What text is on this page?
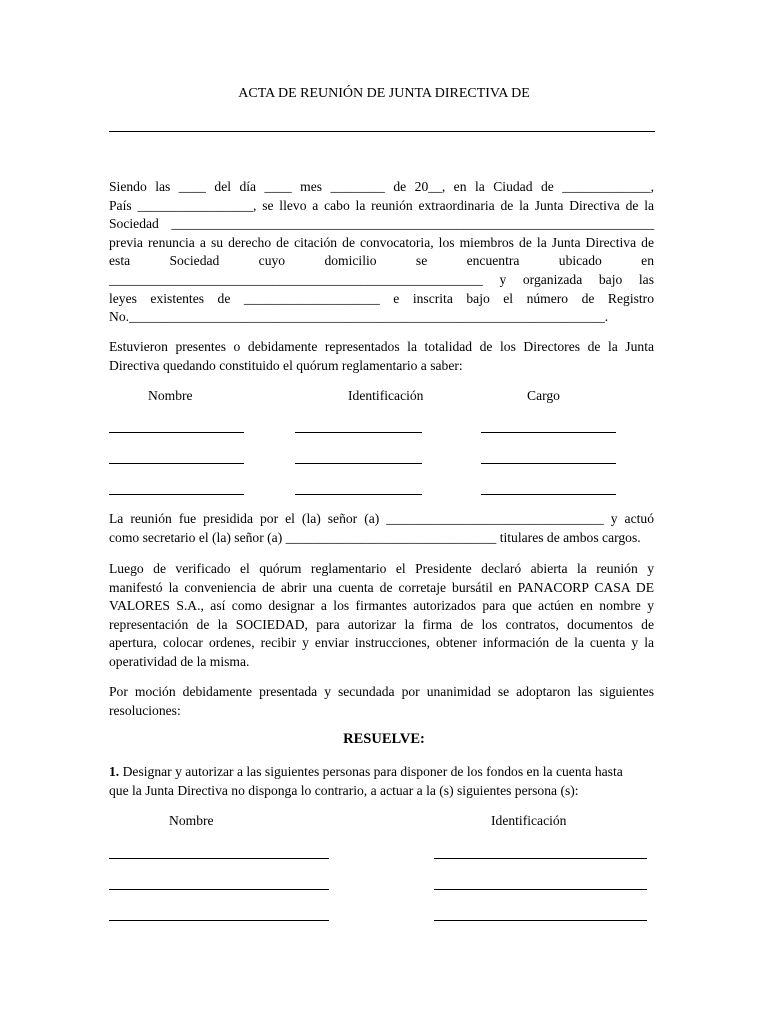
ACTA DE REUNIÓN DE JUNTA DIRECTIVA DE
Siendo las ____ del día ____ mes ________ de 20__, en la Ciudad de _____________,
País _________________, se llevo a cabo la reunión extraordinaria de la Junta Directiva de la
Sociedad _______________________________________________________________________
previa renuncia a su derecho de citación de convocatoria, los miembros de la Junta Directiva de
esta Sociedad cuyo domicilio se encuentra ubicado en
_______________________________________________________ y organizada bajo las
leyes existentes de ____________________ e inscrita bajo el número de Registro
No.______________________________________________________________________.
Estuvieron presentes o debidamente representados la totalidad de los Directores de la Junta
Directiva quedando constituido el quórum reglamentario a saber:
Nombre	Identificación	Cargo
La reunión fue presidida por el (la) señor (a) ________________________________ y actuó
como secretario el (la) señor (a) _______________________________ titulares de ambos cargos.
Luego de verificado el quórum reglamentario el Presidente declaró abierta la reunión y
manifestó la conveniencia de abrir una cuenta de corretaje bursátil en PANACORP CASA DE
VALORES S.A., así como designar a los firmantes autorizados para que actúen en nombre y
representación de la SOCIEDAD, para autorizar la firma de los contratos, documentos de
apertura, colocar ordenes, recibir y enviar instrucciones, obtener información de la cuenta y la
operatividad de la misma.
Por moción debidamente presentada y secundada por unanimidad se adoptaron las siguientes
resoluciones:
RESUELVE:
1. Designar y autorizar a las siguientes personas para disponer de los fondos en la cuenta hasta
que la Junta Directiva no disponga lo contrario, a actuar a la (s) siguientes persona (s):
Nombre	Identificación
